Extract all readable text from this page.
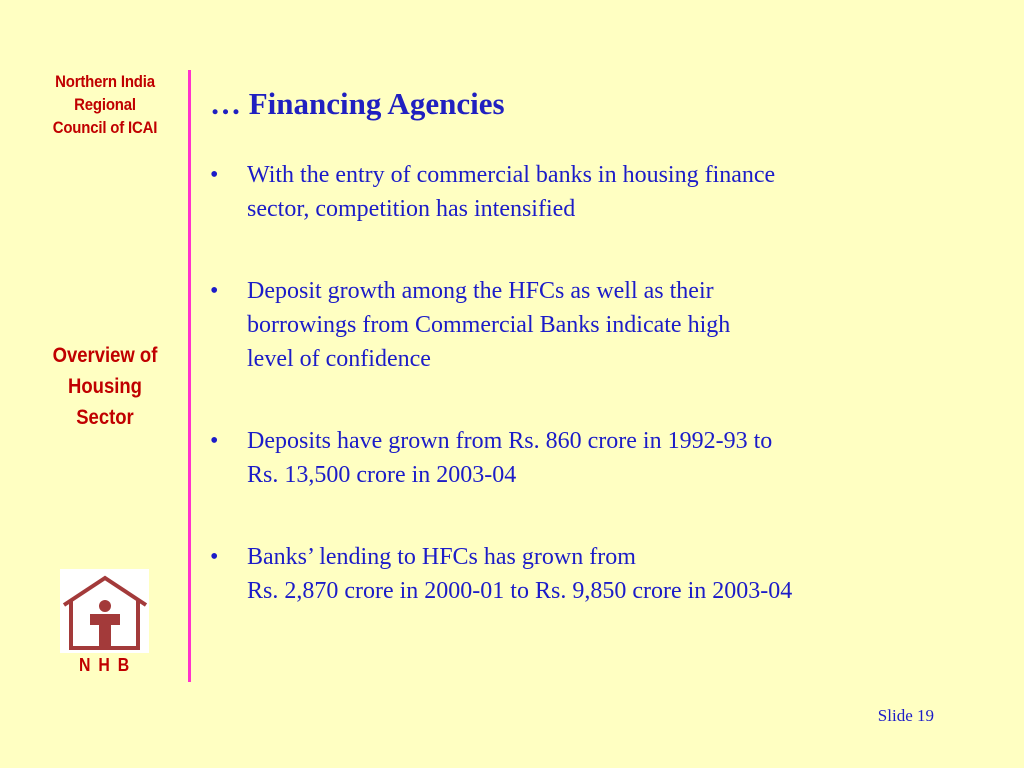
Northern India
Regional
Council of ICAI
Overview of
Housing
Sector
N H B
… Financing Agencies
•	With the entry of commercial banks in housing finance
sector, competition has intensified
•	Deposit growth among the HFCs as well as their
borrowings from Commercial Banks indicate high
level of confidence
•	Deposits have grown from Rs. 860 crore in 1992-93 to
Rs. 13,500 crore in 2003-04
•	Banks’ lending to HFCs has grown from
Rs. 2,870 crore in 2000-01 to Rs. 9,850 crore in 2003-04
Slide 19
